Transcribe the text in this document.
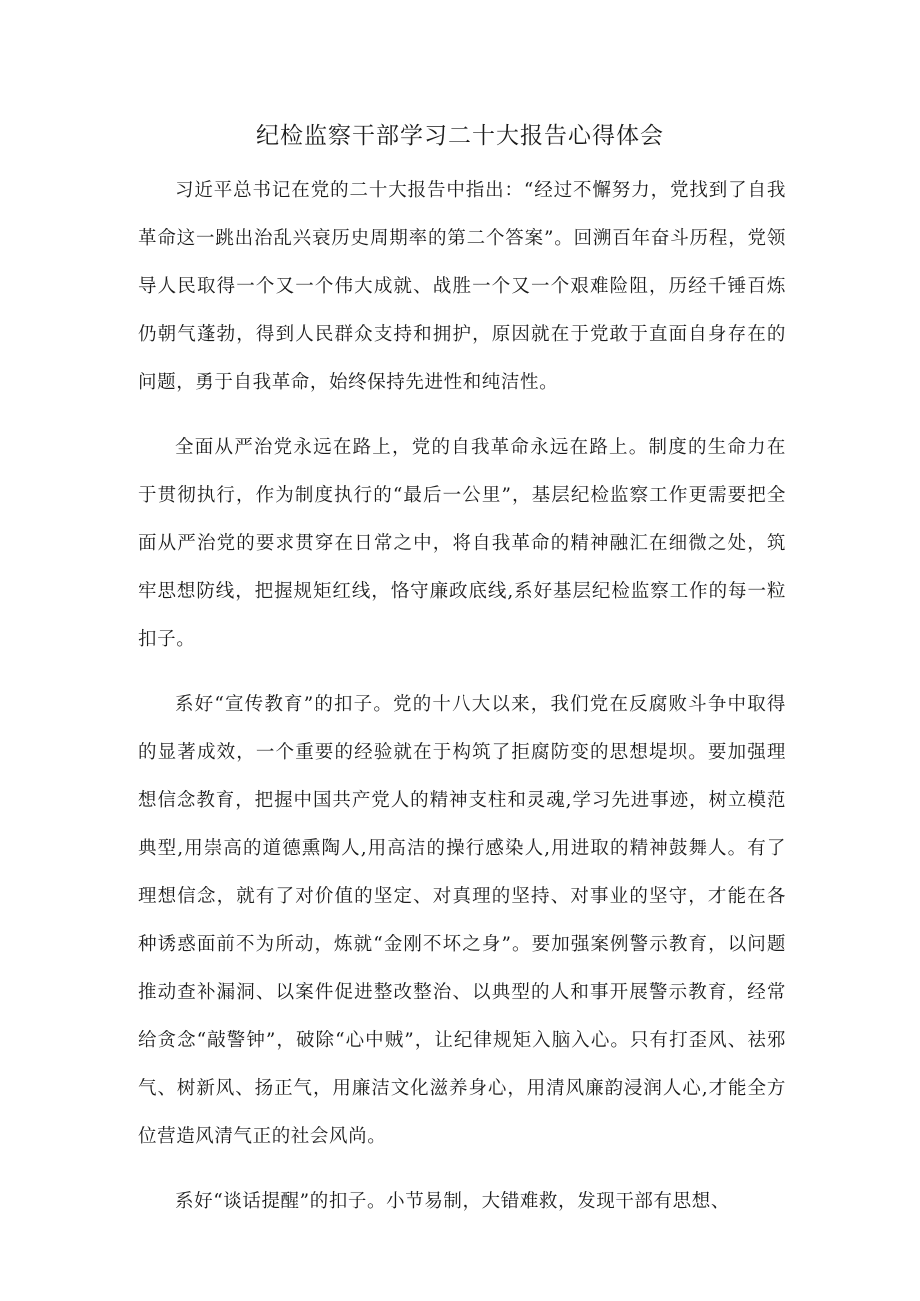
纪检监察干部学习二十大报告心得体会

习近平总书记在党的二十大报告中指出：“经过不懈努力，党找到了自我革命这一跳出治乱兴衰历史周期率的第二个答案”。回溯百年奋斗历程，党领导人民取得一个又一个伟大成就、战胜一个又一个艰难险阻，历经千锤百炼仍朝气蓬勃，得到人民群众支持和拥护，原因就在于党敢于直面自身存在的问题，勇于自我革命，始终保持先进性和纯洁性。

全面从严治党永远在路上，党的自我革命永远在路上。制度的生命力在于贯彻执行，作为制度执行的“最后一公里”，基层纪检监察工作更需要把全面从严治党的要求贯穿在日常之中，将自我革命的精神融汇在细微之处，筑牢思想防线，把握规矩红线，恪守廉政底线,系好基层纪检监察工作的每一粒扣子。

系好“宣传教育”的扣子。党的十八大以来，我们党在反腐败斗争中取得的显著成效，一个重要的经验就在于构筑了拒腐防变的思想堤坝。要加强理想信念教育，把握中国共产党人的精神支柱和灵魂,学习先进事迹，树立模范典型,用崇高的道德熏陶人,用高洁的操行感染人,用进取的精神鼓舞人。有了理想信念，就有了对价值的坚定、对真理的坚持、对事业的坚守，才能在各种诱惑面前不为所动，炼就“金刚不坏之身”。要加强案例警示教育，以问题推动查补漏洞、以案件促进整改整治、以典型的人和事开展警示教育，经常给贪念“敲警钟”，破除“心中贼”，让纪律规矩入脑入心。只有打歪风、祛邪气、树新风、扬正气，用廉洁文化滋养身心，用清风廉韵浸润人心,才能全方位营造风清气正的社会风尚。

系好“谈话提醒”的扣子。小节易制，大错难救，发现干部有思想、
